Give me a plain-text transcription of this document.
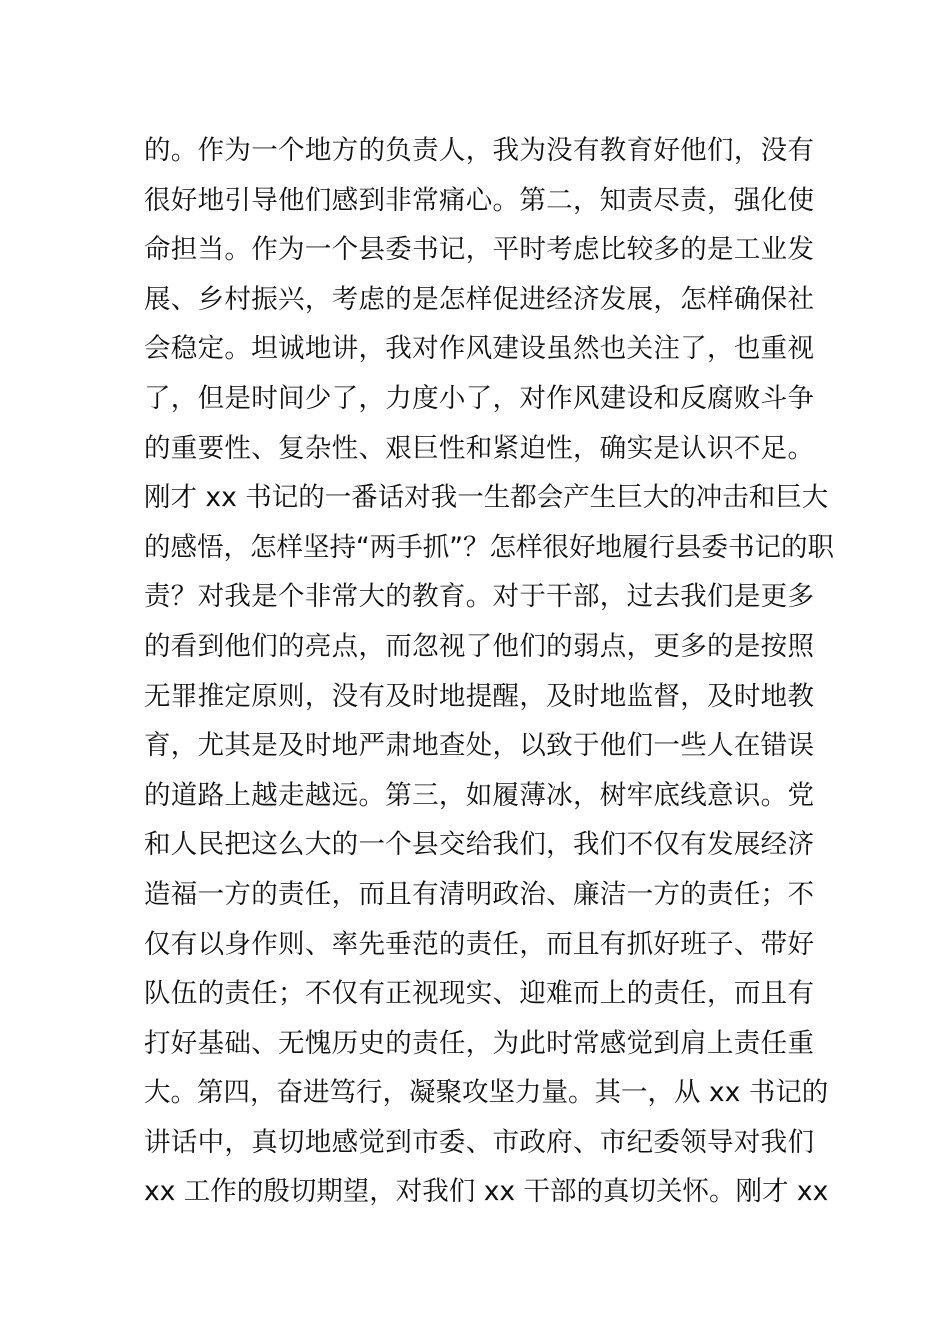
的。作为一个地方的负责人，我为没有教育好他们，没有
很好地引导他们感到非常痛心。第二，知责尽责，强化使
命担当。作为一个县委书记，平时考虑比较多的是工业发
展、乡村振兴，考虑的是怎样促进经济发展，怎样确保社
会稳定。坦诚地讲，我对作风建设虽然也关注了，也重视
了，但是时间少了，力度小了，对作风建设和反腐败斗争
的重要性、复杂性、艰巨性和紧迫性，确实是认识不足。
刚才 xx 书记的一番话对我一生都会产生巨大的冲击和巨大
的感悟，怎样坚持“两手抓”？怎样很好地履行县委书记的职
责？对我是个非常大的教育。对于干部，过去我们是更多
的看到他们的亮点，而忽视了他们的弱点，更多的是按照
无罪推定原则，没有及时地提醒，及时地监督，及时地教
育，尤其是及时地严肃地查处，以致于他们一些人在错误
的道路上越走越远。第三，如履薄冰，树牢底线意识。党
和人民把这么大的一个县交给我们，我们不仅有发展经济
造福一方的责任，而且有清明政治、廉洁一方的责任；不
仅有以身作则、率先垂范的责任，而且有抓好班子、带好
队伍的责任；不仅有正视现实、迎难而上的责任，而且有
打好基础、无愧历史的责任，为此时常感觉到肩上责任重
大。第四，奋进笃行，凝聚攻坚力量。其一，从 xx 书记的
讲话中，真切地感觉到市委、市政府、市纪委领导对我们
xx 工作的殷切期望，对我们 xx 干部的真切关怀。刚才 xx
